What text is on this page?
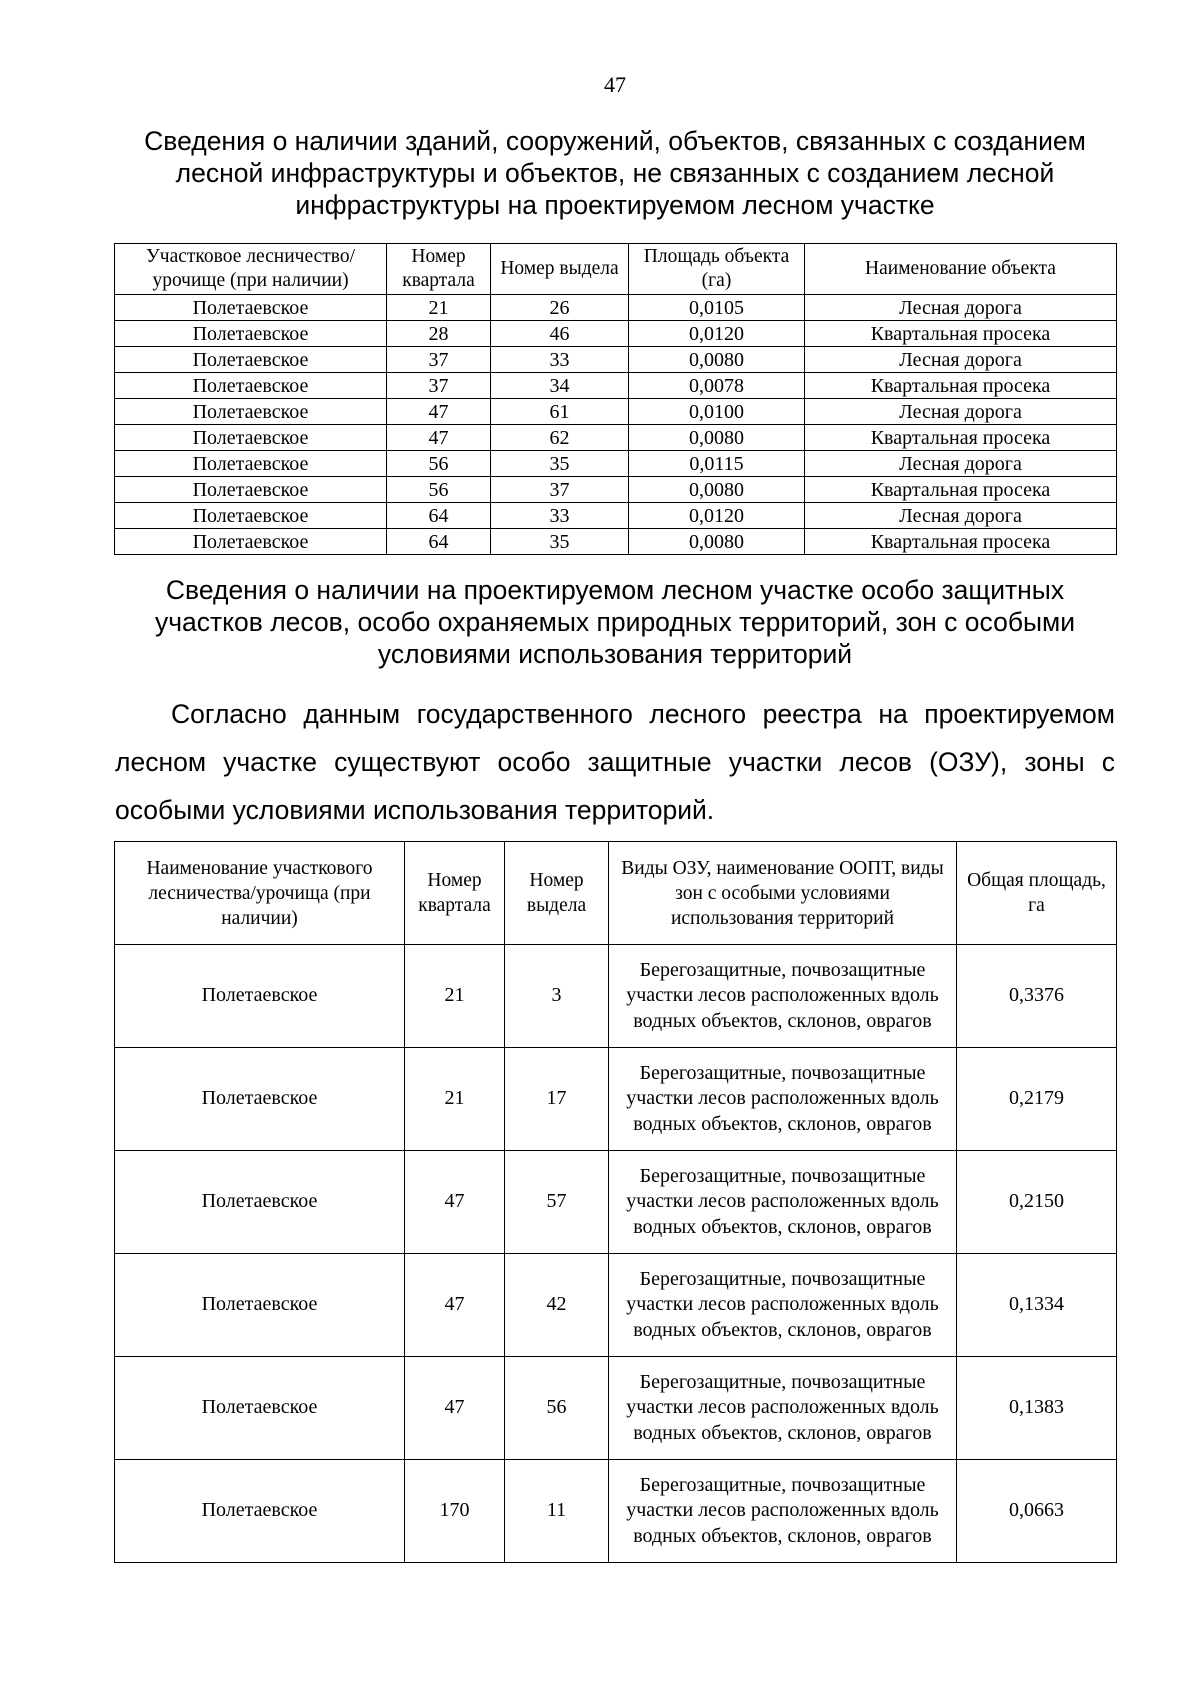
47
Сведения о наличии зданий, сооружений, объектов, связанных с созданием лесной инфраструктуры и объектов, не связанных с созданием лесной инфраструктуры на проектируемом лесном участке
Участковое лесничество/ урочище (при наличии)	Номер квартала	Номер выдела	Площадь объекта (га)	Наименование объекта
Полетаевское	21	26	0,0105	Лесная дорога
Полетаевское	28	46	0,0120	Квартальная просека
Полетаевское	37	33	0,0080	Лесная дорога
Полетаевское	37	34	0,0078	Квартальная просека
Полетаевское	47	61	0,0100	Лесная дорога
Полетаевское	47	62	0,0080	Квартальная просека
Полетаевское	56	35	0,0115	Лесная дорога
Полетаевское	56	37	0,0080	Квартальная просека
Полетаевское	64	33	0,0120	Лесная дорога
Полетаевское	64	35	0,0080	Квартальная просека
Сведения о наличии на проектируемом лесном участке особо защитных участков лесов, особо охраняемых природных территорий, зон с особыми условиями использования территорий

Согласно данным государственного лесного реестра на проектируемом лесном участке существуют особо защитные участки лесов (ОЗУ), зоны с особыми условиями использования территорий.

Наименование участкового лесничества/урочища (при наличии)	Номер квартала	Номер выдела	Виды ОЗУ, наименование ООПТ, виды зон с особыми условиями использования территорий	Общая площадь, га
Полетаевское	21	3	Берегозащитные, почвозащитные участки лесов расположенных вдоль водных объектов, склонов, оврагов	0,3376
Полетаевское	21	17	Берегозащитные, почвозащитные участки лесов расположенных вдоль водных объектов, склонов, оврагов	0,2179
Полетаевское	47	57	Берегозащитные, почвозащитные участки лесов расположенных вдоль водных объектов, склонов, оврагов	0,2150
Полетаевское	47	42	Берегозащитные, почвозащитные участки лесов расположенных вдоль водных объектов, склонов, оврагов	0,1334
Полетаевское	47	56	Берегозащитные, почвозащитные участки лесов расположенных вдоль водных объектов, склонов, оврагов	0,1383
Полетаевское	170	11	Берегозащитные, почвозащитные участки лесов расположенных вдоль водных объектов, склонов, оврагов	0,0663
